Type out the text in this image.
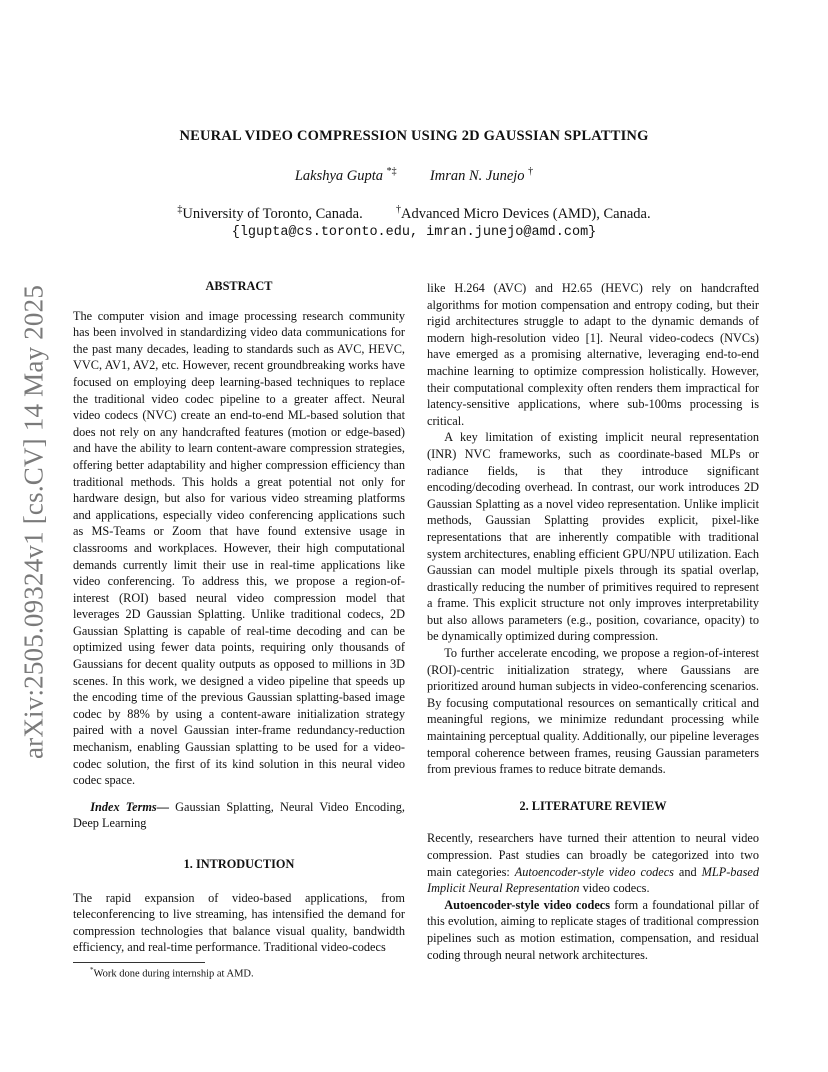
arXiv:2505.09324v1 [cs.CV] 14 May 2025
NEURAL VIDEO COMPRESSION USING 2D GAUSSIAN SPLATTING
Lakshya Gupta *‡ Imran N. Junejo †
‡University of Toronto, Canada.	†Advanced Micro Devices (AMD), Canada.
{lgupta@cs.toronto.edu, imran.junejo@amd.com}
ABSTRACT

The computer vision and image processing research community has been involved in standardizing video data communications for the past many decades, leading to standards such as AVC, HEVC, VVC, AV1, AV2, etc. However, recent groundbreaking works have focused on employing deep learning-based techniques to replace the traditional video codec pipeline to a greater affect. Neural video codecs (NVC) create an end-to-end ML-based solution that does not rely on any handcrafted features (motion or edge-based) and have the ability to learn content-aware compression strategies, offering better adaptability and higher compression efficiency than traditional methods. This holds a great potential not only for hardware design, but also for various video streaming platforms and applications, especially video conferencing applications such as MS-Teams or Zoom that have found extensive usage in classrooms and workplaces. However, their high computational demands currently limit their use in real-time applications like video conferencing. To address this, we propose a region-of-interest (ROI) based neural video compression model that leverages 2D Gaussian Splatting. Unlike traditional codecs, 2D Gaussian Splatting is capable of real-time decoding and can be optimized using fewer data points, requiring only thousands of Gaussians for decent quality outputs as opposed to millions in 3D scenes. In this work, we designed a video pipeline that speeds up the encoding time of the previous Gaussian splatting-based image codec by 88% by using a content-aware initialization strategy paired with a novel Gaussian inter-frame redundancy-reduction mechanism, enabling Gaussian splatting to be used for a video-codec solution, the first of its kind solution in this neural video codec space.

Index Terms— Gaussian Splatting, Neural Video Encoding, Deep Learning

1. INTRODUCTION

The rapid expansion of video-based applications, from teleconferencing to live streaming, has intensified the demand for compression technologies that balance visual quality, bandwidth efficiency, and real-time performance. Traditional video-codecs

like H.264 (AVC) and H2.65 (HEVC) rely on handcrafted algorithms for motion compensation and entropy coding, but their rigid architectures struggle to adapt to the dynamic demands of modern high-resolution video [1]. Neural video-codecs (NVCs) have emerged as a promising alternative, leveraging end-to-end machine learning to optimize compression holistically. However, their computational complexity often renders them impractical for latency-sensitive applications, where sub-100ms processing is critical.

A key limitation of existing implicit neural representation (INR) NVC frameworks, such as coordinate-based MLPs or radiance fields, is that they introduce significant encoding/decoding overhead. In contrast, our work introduces 2D Gaussian Splatting as a novel video representation. Unlike implicit methods, Gaussian Splatting provides explicit, pixel-like representations that are inherently compatible with traditional system architectures, enabling efficient GPU/NPU utilization. Each Gaussian can model multiple pixels through its spatial overlap, drastically reducing the number of primitives required to represent a frame. This explicit structure not only improves interpretability but also allows parameters (e.g., position, covariance, opacity) to be dynamically optimized during compression.

To further accelerate encoding, we propose a region-of-interest (ROI)-centric initialization strategy, where Gaussians are prioritized around human subjects in video-conferencing scenarios. By focusing computational resources on semantically critical and meaningful regions, we minimize redundant processing while maintaining perceptual quality. Additionally, our pipeline leverages temporal coherence between frames, reusing Gaussian parameters from previous frames to reduce bitrate demands.

2. LITERATURE REVIEW

Recently, researchers have turned their attention to neural video compression. Past studies can broadly be categorized into two main categories: Autoencoder-style video codecs and MLP-based Implicit Neural Representation video codecs.

Autoencoder-style video codecs form a foundational pillar of this evolution, aiming to replicate stages of traditional compression pipelines such as motion estimation, compensation, and residual coding through neural network architectures.

*Work done during internship at AMD.
